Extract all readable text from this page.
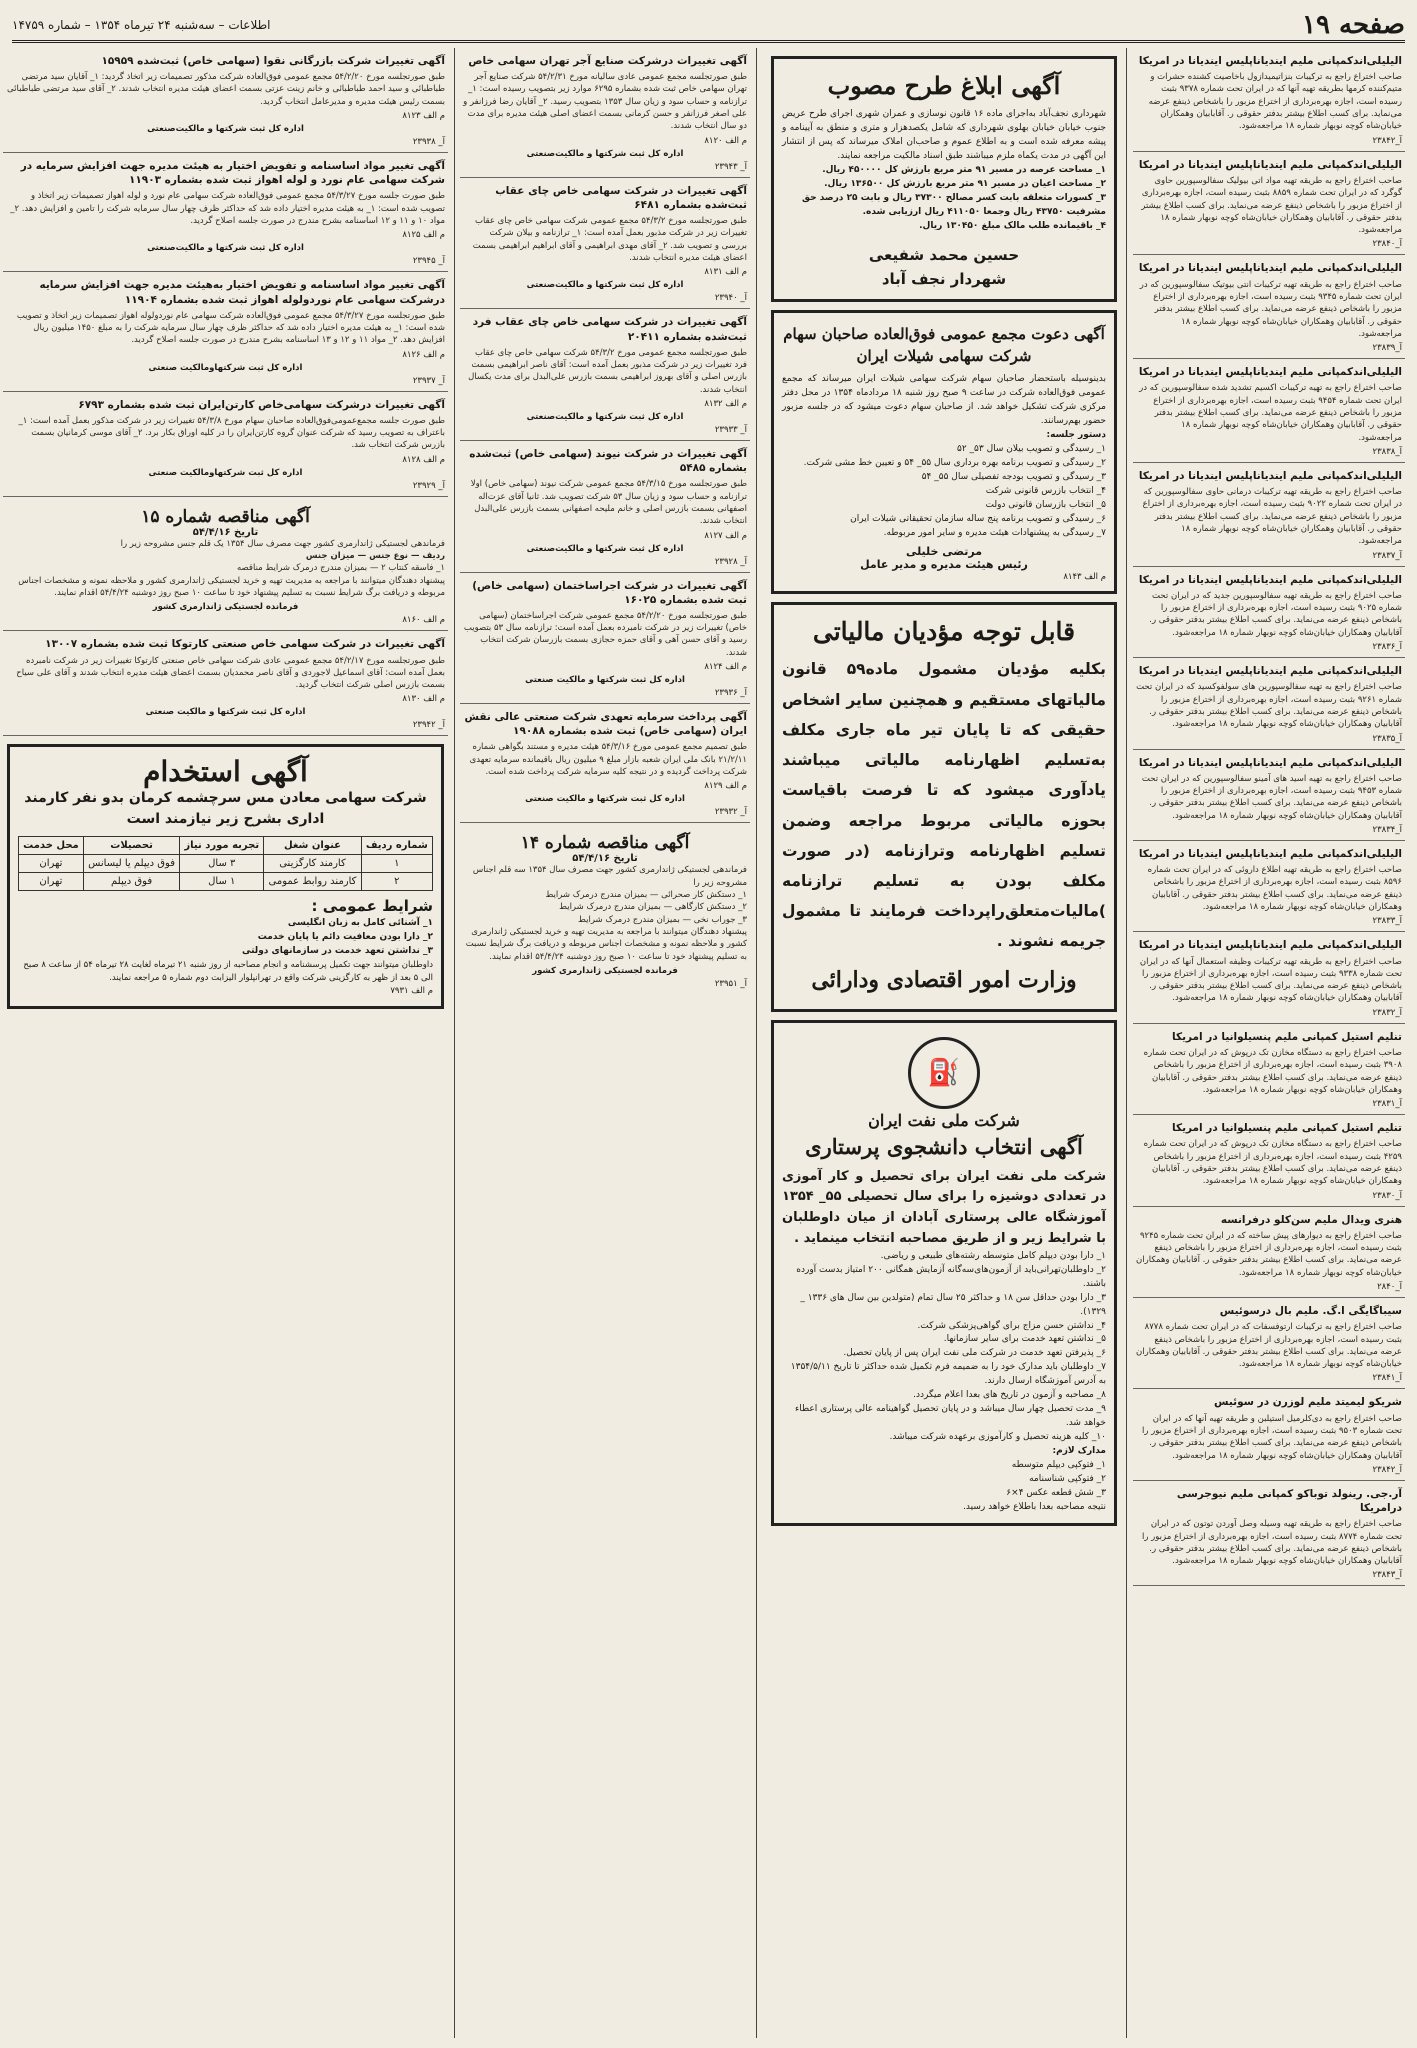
صفحه ۱۹
اطلاعات – سه‌شنبه ۲۴ تیرماه ۱۳۵۴ – شماره ۱۴۷۵۹
الیلیلی‌اندکمپانی ملیم ایندیاناپلیس ایندیانا در امریکا
صاحب اختراع راجع به ترکیبات بنزاتیمیدازول باخاصیت کشنده حشرات و متیم‌کننده کرمها بطریقه تهیه آنها که در ایران تحت شماره ۹۳۷۸ بثبت رسیده است، اجازه بهره‌برداری از اختراع مزبور را باشخاص ذینفع عرضه می‌نماید. برای کسب اطلاع بیشتر بدفتر حقوقی ر. آقابابیان وهمکاران خیابان‌شاه کوچه نوبهار شماره ۱۸ مراجعه‌شود.
آ_۲۳۸۴۲
الیلیلی‌اندکمپانی ملیم ایندیاناپلیس ایندیانا در امریکا
صاحب اختراع راجع به طریقه تهیه مواد اتی بیولیک سفالوسپورین حاوی گوگرد که در ایران تحت شماره ۸۸۵۹ بثبت رسیده است، اجازه بهره‌برداری از اختراع مزبور را باشخاص ذینفع عرضه می‌نماید. برای کسب اطلاع بیشتر بدفتر حقوقی ر. آقابابیان وهمکاران خیابان‌شاه کوچه نوبهار شماره ۱۸ مراجعه‌شود.
آ_۲۳۸۴۰
الیلیلی‌اندکمپانی ملیم ایندیاناپلیس ایندیانا در امریکا
صاحب اختراع راجع به طریقه تهیه ترکیبات انتی بیوتیک سفالوسپورین که در ایران تحت شماره ۹۳۴۵ بثبت رسیده است، اجازه بهره‌برداری از اختراع مزبور را باشخاص ذینفع عرضه می‌نماید. برای کسب اطلاع بیشتر بدفتر حقوقی ر. آقابابیان وهمکاران خیابان‌شاه کوچه نوبهار شماره ۱۸ مراجعه‌شود.
آ_۲۳۸۳۹
الیلیلی‌اندکمپانی ملیم ایندیاناپلیس ایندیانا در امریکا
صاحب اختراع راجع به تهیه ترکیبات اکسیم تشدید شده سفالوسپورین که در ایران تحت شماره ۹۴۵۴ بثبت رسیده است، اجازه بهره‌برداری از اختراع مزبور را باشخاص ذینفع عرضه می‌نماید. برای کسب اطلاع بیشتر بدفتر حقوقی ر. آقابابیان وهمکاران خیابان‌شاه کوچه نوبهار شماره ۱۸ مراجعه‌شود.
آ_۲۳۸۳۸
الیلیلی‌اندکمپانی ملیم ایندیاناپلیس ایندیانا در امریکا
صاحب اختراع راجع به طریقه تهیه ترکیبات درمانی حاوی سفالوسپورین که در ایران تحت شماره ۹۰۲۲ بثبت رسیده است، اجازه بهره‌برداری از اختراع مزبور را باشخاص ذینفع عرضه می‌نماید. برای کسب اطلاع بیشتر بدفتر حقوقی ر. آقابابیان وهمکاران خیابان‌شاه کوچه نوبهار شماره ۱۸ مراجعه‌شود.
آ_۲۳۸۳۷
الیلیلی‌اندکمپانی ملیم ایندیاناپلیس ایندیانا در امریکا
صاحب اختراع راجع به طریقه تهیه سفالوسپورین جدید که در ایران تحت شماره ۹۰۲۵ بثبت رسیده است، اجازه بهره‌برداری از اختراع مزبور را باشخاص ذینفع عرضه می‌نماید. برای کسب اطلاع بیشتر بدفتر حقوقی ر. آقابابیان وهمکاران خیابان‌شاه کوچه نوبهار شماره ۱۸ مراجعه‌شود.
آ_۲۳۸۳۶
الیلیلی‌اندکمپانی ملیم ایندیاناپلیس ایندیانا در امریکا
صاحب اختراع راجع به تهیه سفالوسپورین های سولفوکسید که در ایران تحت شماره ۹۲۶۱ بثبت رسیده است، اجازه بهره‌برداری از اختراع مزبور را باشخاص ذینفع عرضه می‌نماید. برای کسب اطلاع بیشتر بدفتر حقوقی ر. آقابابیان وهمکاران خیابان‌شاه کوچه نوبهار شماره ۱۸ مراجعه‌شود.
آ_۲۳۸۳۵
الیلیلی‌اندکمپانی ملیم ایندیاناپلیس ایندیانا در امریکا
صاحب اختراع راجع به تهیه اسید های آمینو سفالوسپورین که در ایران تحت شماره ۹۴۵۳ بثبت رسیده است، اجازه بهره‌برداری از اختراع مزبور را باشخاص ذینفع عرضه می‌نماید. برای کسب اطلاع بیشتر بدفتر حقوقی ر. آقابابیان وهمکاران خیابان‌شاه کوچه نوبهار شماره ۱۸ مراجعه‌شود.
آ_۲۳۸۳۴
الیلیلی‌اندکمپانی ملیم ایندیاناپلیس ایندیانا در امریکا
صاحب اختراع راجع به طریقه تهیه اطلاع داروئی که در ایران تحت شماره ۸۵۹۶ بثبت رسیده است، اجازه بهره‌برداری از اختراع مزبور را باشخاص ذینفع عرضه می‌نماید. برای کسب اطلاع بیشتر بدفتر حقوقی ر. آقابابیان وهمکاران خیابان‌شاه کوچه نوبهار شماره ۱۸ مراجعه‌شود.
آ_۲۳۸۳۳
الیلیلی‌اندکمپانی ملیم ایندیاناپلیس ایندیانا در امریکا
صاحب اختراع راجع به طریقه تهیه ترکیبات وظیفه استعمال آنها که در ایران تحت شماره ۹۳۳۸ بثبت رسیده است، اجازه بهره‌برداری از اختراع مزبور را باشخاص ذینفع عرضه می‌نماید. برای کسب اطلاع بیشتر بدفتر حقوقی ر. آقابابیان وهمکاران خیابان‌شاه کوچه نوبهار شماره ۱۸ مراجعه‌شود.
آ_۲۳۸۳۲
تنلیم استیل کمپانی ملیم پنسیلوانیا در امریکا
صاحب اختراع راجع به دستگاه مخازن تک درپوش که در ایران تحت شماره ۳۹۰۸ بثبت رسیده است، اجازه بهره‌برداری از اختراع مزبور را باشخاص ذینفع عرضه می‌نماید. برای کسب اطلاع بیشتر بدفتر حقوقی ر. آقابابیان وهمکاران خیابان‌شاه کوچه نوبهار شماره ۱۸ مراجعه‌شود.
آ_۲۳۸۳۱
تنلیم استیل کمپانی ملیم پنسیلوانیا در امریکا
صاحب اختراع راجع به دستگاه مخازن تک درپوش که در ایران تحت شماره ۴۲۵۹ بثبت رسیده است، اجازه بهره‌برداری از اختراع مزبور را باشخاص ذینفع عرضه می‌نماید. برای کسب اطلاع بیشتر بدفتر حقوقی ر. آقابابیان وهمکاران خیابان‌شاه کوچه نوبهار شماره ۱۸ مراجعه‌شود.
آ_۲۳۸۳۰
هنری ویدال ملیم سن‌کلو درفرانسه
صاحب اختراع راجع به دیوارهای پیش ساخته که در ایران تحت شماره ۹۲۴۵ بثبت رسیده است، اجازه بهره‌برداری از اختراع مزبور را باشخاص ذینفع عرضه می‌نماید. برای کسب اطلاع بیشتر بدفتر حقوقی ر. آقابابیان وهمکاران خیابان‌شاه کوچه نوبهار شماره ۱۸ مراجعه‌شود.
آ_۲۸۴۰
سیباگایگی ا.گ. ملیم بال درسوئیس
صاحب اختراع راجع به ترکیبات ارتوفسفات که در ایران تحت شماره ۸۷۷۸ بثبت رسیده است، اجازه بهره‌برداری از اختراع مزبور را باشخاص ذینفع عرضه می‌نماید. برای کسب اطلاع بیشتر بدفتر حقوقی ر. آقابابیان وهمکاران خیابان‌شاه کوچه نوبهار شماره ۱۸ مراجعه‌شود.
آ_۲۳۸۴۱
شریکو لیمیتد ملیم لوزرن در سوئیس
صاحب اختراع راجع به دی‌کلرمیل استیلبن و طریقه تهیه آنها که در ایران تحت شماره ۹۵۰۳ بثبت رسیده است، اجازه بهره‌برداری از اختراع مزبور را باشخاص ذینفع عرضه می‌نماید. برای کسب اطلاع بیشتر بدفتر حقوقی ر. آقابابیان وهمکاران خیابان‌شاه کوچه نوبهار شماره ۱۸ مراجعه‌شود.
آ_۲۳۸۴۲
آر.جی. رینولد توباکو کمپانی ملیم نیوجرسی درامریکا
صاحب اختراع راجع به طریقه تهیه وسیله وصل آوردن توتون که در ایران تحت شماره ۸۷۷۴ بثبت رسیده است، اجازه بهره‌برداری از اختراع مزبور را باشخاص ذینفع عرضه می‌نماید. برای کسب اطلاع بیشتر بدفتر حقوقی ر. آقابابیان وهمکاران خیابان‌شاه کوچه نوبهار شماره ۱۸ مراجعه‌شود.
آ_۲۳۸۴۳
آگهی ابلاغ طرح مصوب
شهرداری نجف‌آباد به‌اجرای ماده ۱۶ قانون نوسازی و عمران شهری اجرای طرح عریض جنوب خیابان خیابان بهلوی شهرداری که شامل یکصدهزار و متری و منطق به آیینامه و پیشه معرفه شده است و به اطلاع عموم و صاحب‌ان املاک میرساند که پس از انتشار این آگهی در مدت یکماه ملزم میباشند طبق اسناد مالکیت مراجعه نمایند.
۱_ مساحت عرصه در مسیر ۹۱ متر مربع بارزش کل ۴۵۰۰۰۰ ریال.
۲_ مساحت اعیان در مسیر ۹۱ متر مربع بارزش کل ۱۳۶۵۰۰ ریال.
۳_ کسورات متعلقه بابت کسر مصالح ۳۷۳۰۰ ریال و بابت ۲۵ درصد حق مشرفیت ۴۳۷۵۰ ریال وجمعا ۴۱۱۰۵۰ ریال ارزیابی شده.
۴_ باقیمانده طلب مالک مبلغ ۱۳۰۴۵۰ ریال.
حسین محمد شفیعی
شهردار نجف آباد
آگهی دعوت مجمع عمومی فوق‌العاده صاحبان سهام
شرکت سهامی شیلات ایران
بدینوسیله باستحضار صاحبان سهام شرکت سهامی شیلات ایران میرساند که مجمع عمومی فوق‌العاده شرکت در ساعت ۹ صبح روز شنبه ۱۸ مردادماه ۱۳۵۴ در محل دفتر مرکزی شرکت تشکیل خواهد شد. از صاحبان سهام دعوت میشود که در جلسه مزبور حضور بهم‌رسانند.
دستور جلسه:
۱_ رسیدگی و تصویب بیلان سال ۵۳_ ۵۲
۲_ رسیدگی و تصویب برنامه بهره برداری سال ۵۵_ ۵۴ و تعیین خط مشی شرکت.
۳_ رسیدگی و تصویب بودجه تفصیلی سال ۵۵_ ۵۴
۴_ انتخاب بازرس قانونی شرکت
۵_ انتخاب بازرسان قانونی دولت
۶_ رسیدگی و تصویب برنامه پنج ساله سازمان تحقیقاتی شیلات ایران
۷_ رسیدگی به پیشنهادات هیئت مدیره و سایر امور مربوطه.
مرتضی خلیلی
رئیس هیئت مدیره و مدیر عامل
م الف ۸۱۴۳
قابل توجه مؤدیان مالیاتی
بکلیه مؤدیان مشمول ماده۵۹ قانون مالیاتهای مستقیم و همچنین سایر اشخاص حقیقی که تا پایان تیر ماه جاری مکلف به‌تسلیم اظهارنامه مالیاتی میباشند یادآوری میشود که تا فرصت باقیاست بحوزه مالیاتی مربوط مراجعه وضمن تسلیم اظهارنامه وترازنامه (در صورت مکلف بودن به تسلیم ترازنامه )مالیات‌متعلق‌را‌پرداخت فرمایند تا مشمول جریمه نشوند .
وزارت امور اقتصادی ودارائی
⛽
شرکت ملی نفت ایران
آگهی انتخاب دانشجوی پرستاری
شرکت ملی نفت ایران برای تحصیل و کار آموزی در تعدادی دوشیزه را برای سال تحصیلی ۵۵_ ۱۳۵۴ آموزشگاه عالی پرستاری آبادان از میان داوطلبان با شرایط زیر و از طریق مصاحبه انتخاب مینماید .
۱_ دارا بودن دیپلم کامل متوسطه رشته‌های طبیعی و ریاضی.
۲_ داوطلبان‌تهرانی‌باید از آزمون‌های‌سه‌گانه آزمایش همگانی ۲۰۰ امتیاز بدست آورده باشند.
۳_ دارا بودن حداقل سن ۱۸ و حداکثر ۲۵ سال تمام (متولدین بین سال های ۱۳۳۶ _ ۱۳۲۹).
۴_ نداشتن حسن مزاج برای گواهی‌پزشکی شرکت.
۵_ نداشتن تعهد خدمت برای سایر سازمانها.
۶_ پذیرفتن تعهد خدمت در شرکت ملی نفت ایران پس از پایان تحصیل.
۷_ داوطلبان باید مدارک خود را به ضمیمه فرم تکمیل شده حداکثر تا تاریخ ۱۳۵۴/۵/۱۱ به آدرس آموزشگاه ارسال دارند.
۸_ مصاحبه و آزمون در تاریخ های بعدا اعلام میگردد.
۹_ مدت تحصیل چهار سال میباشد و در پایان تحصیل گواهینامه عالی پرستاری اعطاء خواهد شد.
۱۰_ کلیه هزینه تحصیل و کارآموزی برعهده شرکت میباشد.
مدارک لازم:
۱_ فتوکپی دیپلم متوسطه
۲_ فتوکپی شناسنامه
۳_ شش قطعه عکس ۴×۶
نتیجه مصاحبه بعدا باطلاع خواهد رسید.
آگهی تغییرات درشرکت صنایع آجر تهران سهامی خاص
طبق صورتجلسه مجمع عمومی عادی سالیانه مورخ ۵۴/۲/۳۱ شرکت صنایع آجر تهران سهامی خاص ثبت شده بشماره ۶۲۹۵ موارد زیر بتصویب رسیده است: ۱_ ترازنامه و حساب سود و زیان سال ۱۳۵۳ بتصویب رسید. ۲_ آقایان رضا فرزانفر و علی اصغر فرزانفر و حسن کرمانی بسمت اعضای اصلی هیئت مدیره برای مدت دو سال انتخاب شدند.
م الف ۸۱۲۰
اداره کل ثبت شرکتها و مالکیت‌صنعتی
آ_ ۲۳۹۴۳
آگهی تغییرات در شرکت سهامی خاص چای عقاب ثبت‌شده بشماره ۶۴۸۱
طبق صورتجلسه مورخ ۵۴/۳/۲ مجمع عمومی شرکت سهامی خاص چای عقاب تغییرات زیر در شرکت مذبور بعمل آمده است: ۱_ ترازنامه و بیلان شرکت بررسی و تصویب شد. ۲_ آقای مهدی ابراهیمی و آقای ابراهیم ابراهیمی بسمت اعضای هیئت مدیره انتخاب شدند.
م الف ۸۱۳۱
اداره کل ثبت شرکتها و مالکیت‌صنعتی
آ_ ۲۳۹۴۰
آگهی تغییرات در شرکت سهامی خاص چای عقاب فرد ثبت‌شده بشماره ۲۰۴۱۱
طبق صورتجلسه مجمع عمومی مورخ ۵۴/۳/۲ شرکت سهامی خاص چای عقاب فرد تغییرات زیر در شرکت مذبور بعمل آمده است: آقای ناصر ابراهیمی بسمت بازرس اصلی و آقای بهروز ابراهیمی بسمت بازرس علی‌البدل برای مدت یکسال انتخاب شدند.
م الف ۸۱۳۲
اداره کل ثبت شرکتها و مالکیت‌صنعتی
آ_ ۲۳۹۳۳
آگهی تغییرات در شرکت نیوند (سهامی خاص) ثبت‌شده بشماره ۵۴۸۵
طبق صورتجلسه مورخ ۵۴/۳/۱۵ مجمع عمومی شرکت نیوند (سهامی خاص) اولا ترازنامه و حساب سود و زیان سال ۵۳ شرکت تصویب شد. ثانیا آقای عزت‌اله اصفهانی بسمت بازرس اصلی و خانم ملیحه اصفهانی بسمت بازرس علی‌البدل انتخاب شدند.
م الف ۸۱۲۷
اداره کل ثبت شرکتها و مالکیت‌صنعتی
آ_ ۲۳۹۲۸
آگهی تغییرات در شرکت اجراساختمان (سهامی خاص) ثبت شده بشماره ۱۶۰۲۵
طبق صورتجلسه مورخ ۵۴/۲/۲۰ مجمع عمومی شرکت اجراساختمان (سهامی خاص) تغییرات زیر در شرکت نامبرده بعمل آمده است: ترازنامه سال ۵۳ بتصویب رسید و آقای حسن آهی و آقای حمزه حجازی بسمت بازرسان شرکت انتخاب شدند.
م الف ۸۱۲۴
اداره کل ثبت شرکتها و مالکیت صنعتی
آ_ ۲۳۹۳۶
آگهی پرداخت سرمایه تعهدی شرکت صنعتی عالی نقش ایران (سهامی خاص) ثبت شده بشماره ۱۹۰۸۸
طبق تصمیم مجمع عمومی مورخ ۵۴/۳/۱۶ هیئت مدیره و مستند بگواهی شماره ۲۱/۲/۱۱ بانک ملی ایران شعبه بازار مبلغ ۹ میلیون ریال باقیمانده سرمایه تعهدی شرکت پرداخت گردیده و در نتیجه کلیه سرمایه شرکت پرداخت شده است.
م الف ۸۱۲۹
اداره کل ثبت شرکتها و مالکیت صنعتی
آ_ ۲۳۹۳۲
آگهی مناقصه شماره ۱۴
تاریخ ۵۴/۴/۱۶
فرماندهی لجستیکی ژاندارمری کشور جهت مصرف سال ۱۳۵۴ سه قلم اجناس مشروحه زیر را
۱_ دستکش کار صحرائی — بمیزان مندرج درمرک شرایط
۲_ دستکش کارگاهی — بمیزان مندرج درمرک شرایط
۳_ جوراب نخی — بمیزان مندرج درمرک شرایط
پیشنهاد دهندگان میتوانند با مراجعه به مدیریت تهیه و خرید لجستیکی ژاندارمری کشور و ملاحظه نمونه و مشخصات اجناس مربوطه و دریافت برگ شرایط نسبت به تسلیم پیشنهاد خود تا ساعت ۱۰ صبح روز دوشنبه ۵۴/۴/۲۴ اقدام نمایند.
فرمانده لجستیکی ژاندارمری کشور
آ_ ۲۳۹۵۱
آگهی تغییرات شرکت بازرگانی نقوا (سهامی خاص) ثبت‌شده ۱۵۹۵۹
طبق صورتجلسه مورخ ۵۴/۲/۲۰ مجمع عمومی فوق‌العاده شرکت مذکور تصمیمات زیر اتخاذ گردید: ۱_ آقایان سید مرتضی طباطبائی و سید احمد طباطبائی و خانم زینت عزتی بسمت اعضای هیئت مدیره انتخاب شدند. ۲_ آقای سید مرتضی طباطبائی بسمت رئیس هیئت مدیره و مدیرعامل انتخاب گردید.
م الف ۸۱۲۳
اداره کل ثبت شرکتها و مالکیت‌صنعتی
آ_ ۲۳۹۳۸
آگهی تغییر مواد اساسنامه و تفویض اختیار به هیئت مدیره جهت افزایش سرمایه در شرکت سهامی عام نورد و لوله اهواز ثبت شده بشماره ۱۱۹۰۳
طبق صورت جلسه مورخ ۵۴/۳/۲۷ مجمع عمومی فوق‌العاده شرکت سهامی عام نورد و لوله اهواز تصمیمات زیر اتخاذ و تصویب شده است: ۱_ به هیئت مدیره اختیار داده شد که حداکثر ظرف چهار سال سرمایه شرکت را تامین و افزایش دهد. ۲_ مواد ۱۰ و ۱۱ و ۱۲ اساسنامه بشرح مندرج در صورت جلسه اصلاح گردید.
م الف ۸۱۲۵
اداره کل ثبت شرکتها و مالکیت‌صنعتی
آ_ ۲۳۹۴۵
آگهی تغییر مواد اساسنامه و تفویض اختیار به‌هیئت مدیره جهت افزایش سرمایه درشرکت سهامی عام نوردولوله اهواز ثبت شده بشماره ۱۱۹۰۴
طبق صورتجلسه مورخ ۵۴/۳/۲۷ مجمع عمومی فوق‌العاده شرکت سهامی عام نوردولوله اهواز تصمیمات زیر اتخاذ و تصویب شده است: ۱_ به هیئت مدیره اختیار داده شد که حداکثر ظرف چهار سال سرمایه شرکت را به مبلغ ۱۴۵۰ میلیون ریال افزایش دهد. ۲_ مواد ۱۱ و ۱۲ و ۱۳ اساسنامه بشرح مندرج در صورت جلسه اصلاح گردید.
م الف ۸۱۲۶
اداره کل ثبت شرکتهاومالکیت صنعتی
آ_ ۲۳۹۳۷
آگهی تغییرات درشرکت سهامی‌خاص کارتن‌ایران ثبت شده بشماره ۶۷۹۳
طبق صورت جلسه مجمع‌عمومی‌فوق‌العاده صاحبان سهام مورخ ۵۴/۳/۸ تغییرات زیر در شرکت مذکور بعمل آمده است: ۱_ باعتراف به تصویب رسید که شرکت عنوان گروه کارتن‌ایران را در کلیه اوراق بکار برد. ۲_ آقای موسی کرمانیان بسمت بازرس شرکت انتخاب شد.
م الف ۸۱۲۸
اداره کل ثبت شرکتهاومالکیت صنعتی
آ_ ۲۳۹۲۹
آگهی مناقصه شماره ۱۵
تاریخ ۵۴/۴/۱۶
فرماندهی لجستیکی ژاندارمری کشور جهت مصرف سال ۱۳۵۴ یک قلم جنس مشروحه زیر را
ردیف — نوع جنس — میزان جنس
۱_ فاسقه کنتاب ۲ — بمیزان مندرج درمرک شرایط مناقصه
پیشنهاد دهندگان میتوانند با مراجعه به مدیریت تهیه و خرید لجستیکی ژاندارمری کشور و ملاحظه نمونه و مشخصات اجناس مربوطه و دریافت برگ شرایط نسبت به تسلیم پیشنهاد خود تا ساعت ۱۰ صبح روز دوشنبه ۵۴/۴/۲۴ اقدام نمایند.
فرمانده لجستیکی ژاندارمری کشور
م الف ۸۱۶۰
آگهی تغییرات در شرکت سهامی خاص صنعتی کارتوکا ثبت شده بشماره ۱۳۰۰۷
طبق صورتجلسه مورخ ۵۴/۲/۱۷ مجمع عمومی عادی شرکت سهامی خاص صنعتی کارتوکا تغییرات زیر در شرکت نامبرده بعمل آمده است: آقای اسماعیل لاجوردی و آقای ناصر محمدیان بسمت اعضای هیئت مدیره انتخاب شدند و آقای علی سیاح بسمت بازرس اصلی شرکت انتخاب گردید.
م الف ۸۱۳۰
اداره کل ثبت شرکتها و مالکیت صنعتی
آ_ ۲۳۹۴۲
آگهی استخدام
شرکت سهامی معادن مس سرچشمه کرمان بدو نفر کارمند اداری بشرح زیر نیازمند است
شماره ردیف	عنوان شغل	تجربه مورد نیاز	تحصیلات	محل خدمت
۱	کارمند کارگزینی	۳ سال	فوق دیپلم یا لیسانس	تهران
۲	کارمند روابط عمومی	۱ سال	فوق دیپلم	تهران
شرایط عمومی :
۱_ آشنائی کامل به زبان انگلیسی
۲_ دارا بودن معافیت دائم یا پایان خدمت
۳_ نداشتن تعهد خدمت در سازمانهای دولتی
داوطلبان میتوانند جهت تکمیل پرسشنامه و انجام مصاحبه از روز شنبه ۲۱ تیرماه لغایت ۲۸ تیرماه ۵۴ از ساعت ۸ صبح الی ۵ بعد از ظهر به کارگزینی شرکت واقع در تهرانپلوار الیزابت دوم شماره ۵ مراجعه نمایند.
م الف ۷۹۳۱
